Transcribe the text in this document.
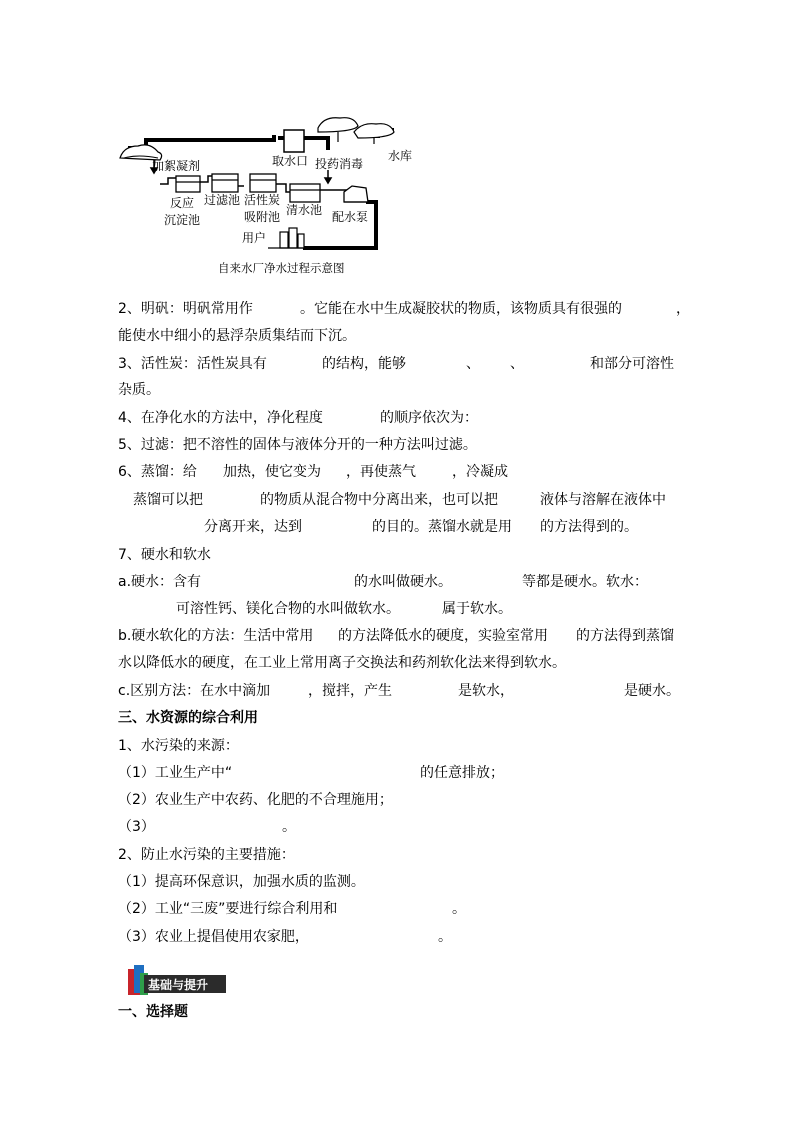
取水口	水库
投药消毒
加絮凝剂
反应
沉淀池
过滤池 活性炭
吸附池 清水池 配水泵
用户
自来水厂净水过程示意图
2、明矾：明矾常用作	。它能在水中生成凝胶状的物质，该物质具有很强的	，
能使水中细小的悬浮杂质集结而下沉。
3、活性炭：活性炭具有	的结构，能够	、 、	和部分可溶性
杂质。
4、在净化水的方法中，净化程度	的顺序依次为：
5、过滤：把不溶性的固体与液体分开的一种方法叫过滤。
6、蒸馏：给 加热，使它变为 ，再使蒸气	，冷凝成
蒸馏可以把	的物质从混合物中分离出来，也可以把	液体与溶解在液体中
分离开来，达到	的目的。蒸馏水就是用 的方法得到的。
7、硬水和软水
a.硬水：含有	的水叫做硬水。	等都是硬水。软水：
可溶性钙、镁化合物的水叫做软水。	属于软水。
b.硬水软化的方法：生活中常用 的方法降低水的硬度，实验室常用 的方法得到蒸馏
水以降低水的硬度，在工业上常用离子交换法和药剂软化法来得到软水。
c.区别方法：在水中滴加	，搅拌，产生	是软水，	是硬水。
三、水资源的综合利用
1、水污染的来源：
（1）工业生产中“	的任意排放；
（2）农业生产中农药、化肥的不合理施用；
（3）	。
2、防止水污染的主要措施：
（1）提高环保意识，加强水质的监测。
（2）工业“三废”要进行综合利用和	。
（3）农业上提倡使用农家肥，	。
基础与提升
一、选择题
